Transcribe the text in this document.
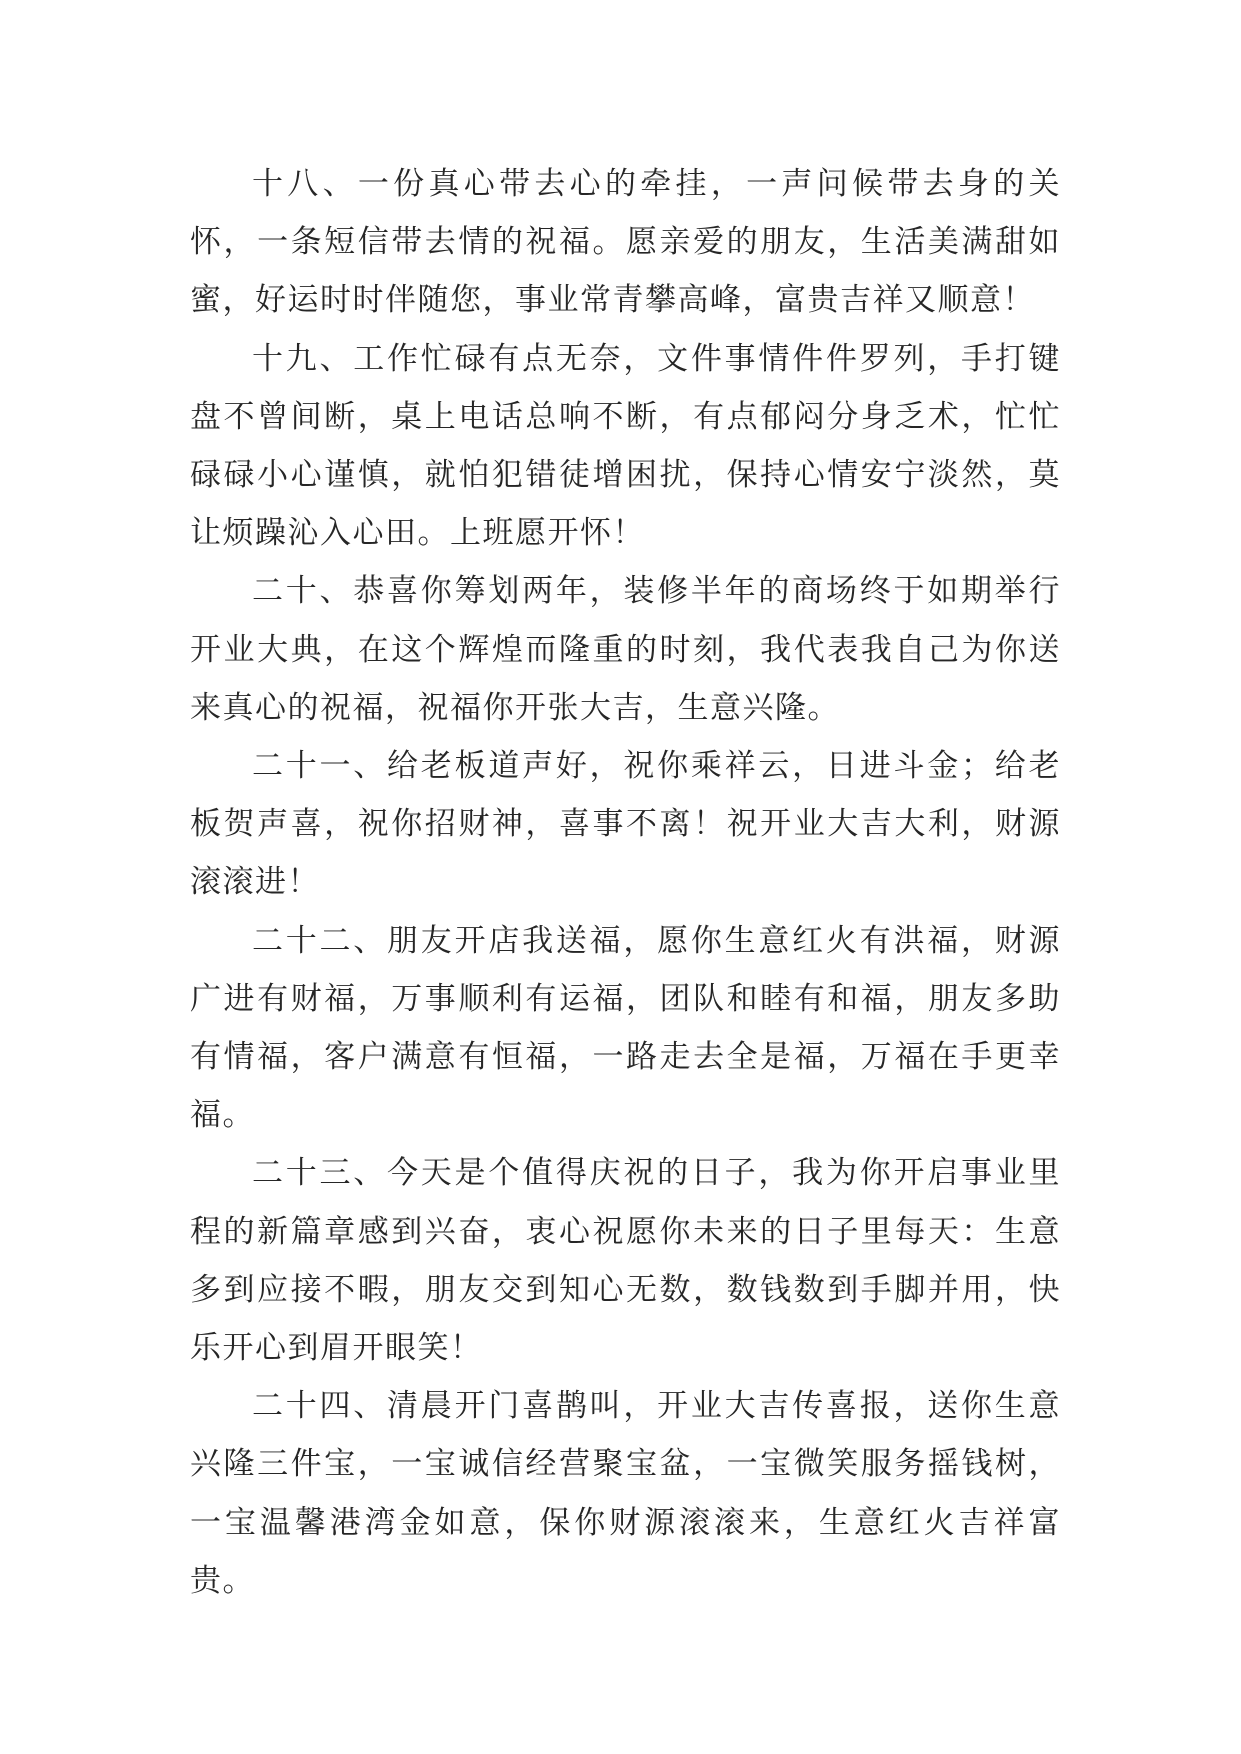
十八、一份真心带去心的牵挂，一声问候带去身的关怀，一条短信带去情的祝福。愿亲爱的朋友，生活美满甜如蜜，好运时时伴随您，事业常青攀高峰，富贵吉祥又顺意！

十九、工作忙碌有点无奈，文件事情件件罗列，手打键盘不曾间断，桌上电话总响不断，有点郁闷分身乏术，忙忙碌碌小心谨慎，就怕犯错徒增困扰，保持心情安宁淡然，莫让烦躁沁入心田。上班愿开怀！

二十、恭喜你筹划两年，装修半年的商场终于如期举行开业大典，在这个辉煌而隆重的时刻，我代表我自己为你送来真心的祝福，祝福你开张大吉，生意兴隆。

二十一、给老板道声好，祝你乘祥云，日进斗金；给老板贺声喜，祝你招财神，喜事不离！祝开业大吉大利，财源滚滚进！

二十二、朋友开店我送福，愿你生意红火有洪福，财源广进有财福，万事顺利有运福，团队和睦有和福，朋友多助有情福，客户满意有恒福，一路走去全是福，万福在手更幸福。

二十三、今天是个值得庆祝的日子，我为你开启事业里程的新篇章感到兴奋，衷心祝愿你未来的日子里每天：生意多到应接不暇，朋友交到知心无数，数钱数到手脚并用，快乐开心到眉开眼笑！

二十四、清晨开门喜鹊叫，开业大吉传喜报，送你生意兴隆三件宝，一宝诚信经营聚宝盆，一宝微笑服务摇钱树，一宝温馨港湾金如意，保你财源滚滚来，生意红火吉祥富贵。
